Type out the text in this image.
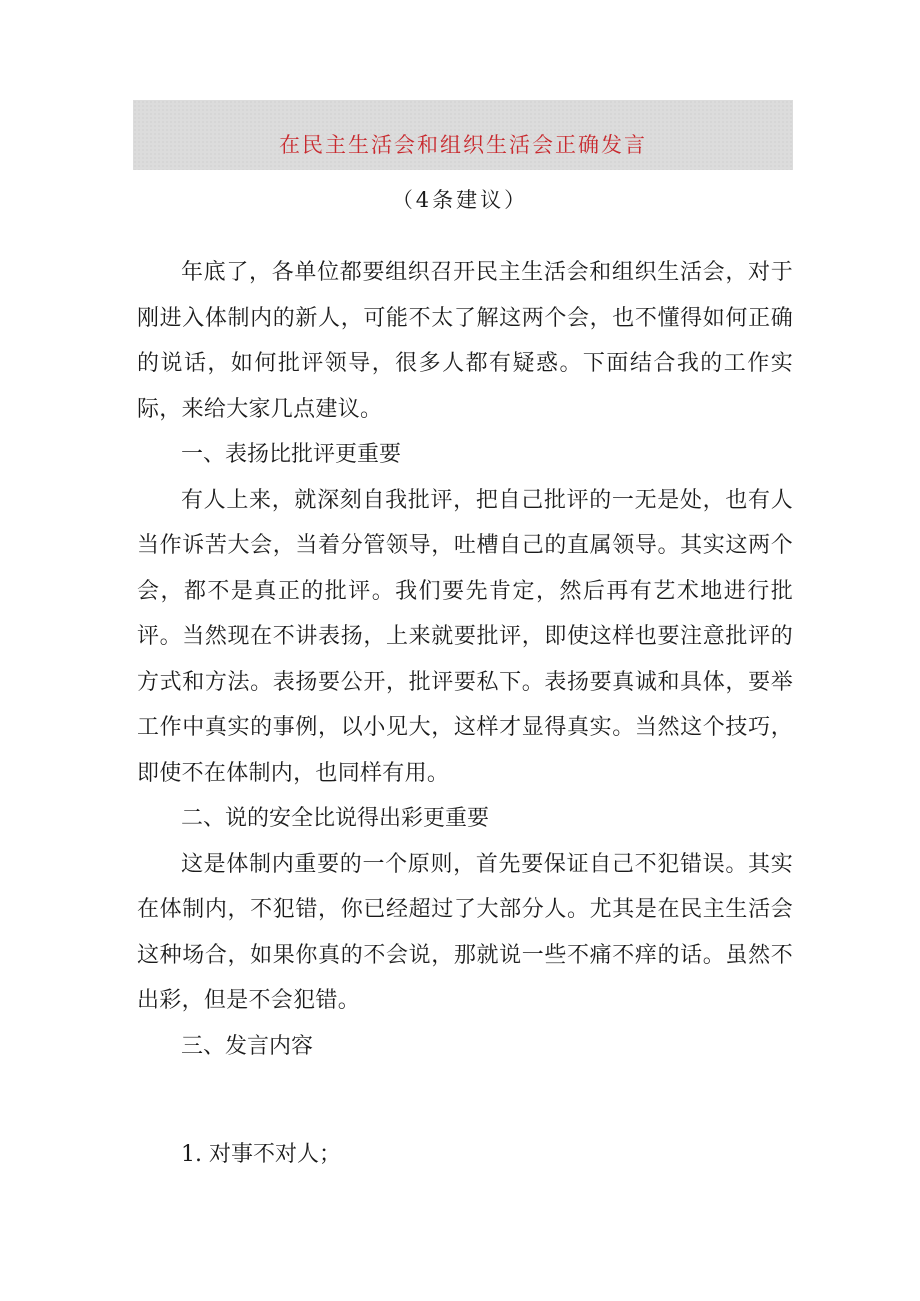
在民主生活会和组织生活会正确发言
（4条建议）

年底了，各单位都要组织召开民主生活会和组织生活会，对于刚进入体制内的新人，可能不太了解这两个会，也不懂得如何正确的说话，如何批评领导，很多人都有疑惑。下面结合我的工作实际，来给大家几点建议。

一、表扬比批评更重要

有人上来，就深刻自我批评，把自己批评的一无是处，也有人当作诉苦大会，当着分管领导，吐槽自己的直属领导。其实这两个会，都不是真正的批评。我们要先肯定，然后再有艺术地进行批评。当然现在不讲表扬，上来就要批评，即使这样也要注意批评的方式和方法。表扬要公开，批评要私下。表扬要真诚和具体，要举工作中真实的事例，以小见大，这样才显得真实。当然这个技巧，即使不在体制内，也同样有用。

二、说的安全比说得出彩更重要

这是体制内重要的一个原则，首先要保证自己不犯错误。其实在体制内，不犯错，你已经超过了大部分人。尤其是在民主生活会这种场合，如果你真的不会说，那就说一些不痛不痒的话。虽然不出彩，但是不会犯错。

三、发言内容

1. 对事不对人；
